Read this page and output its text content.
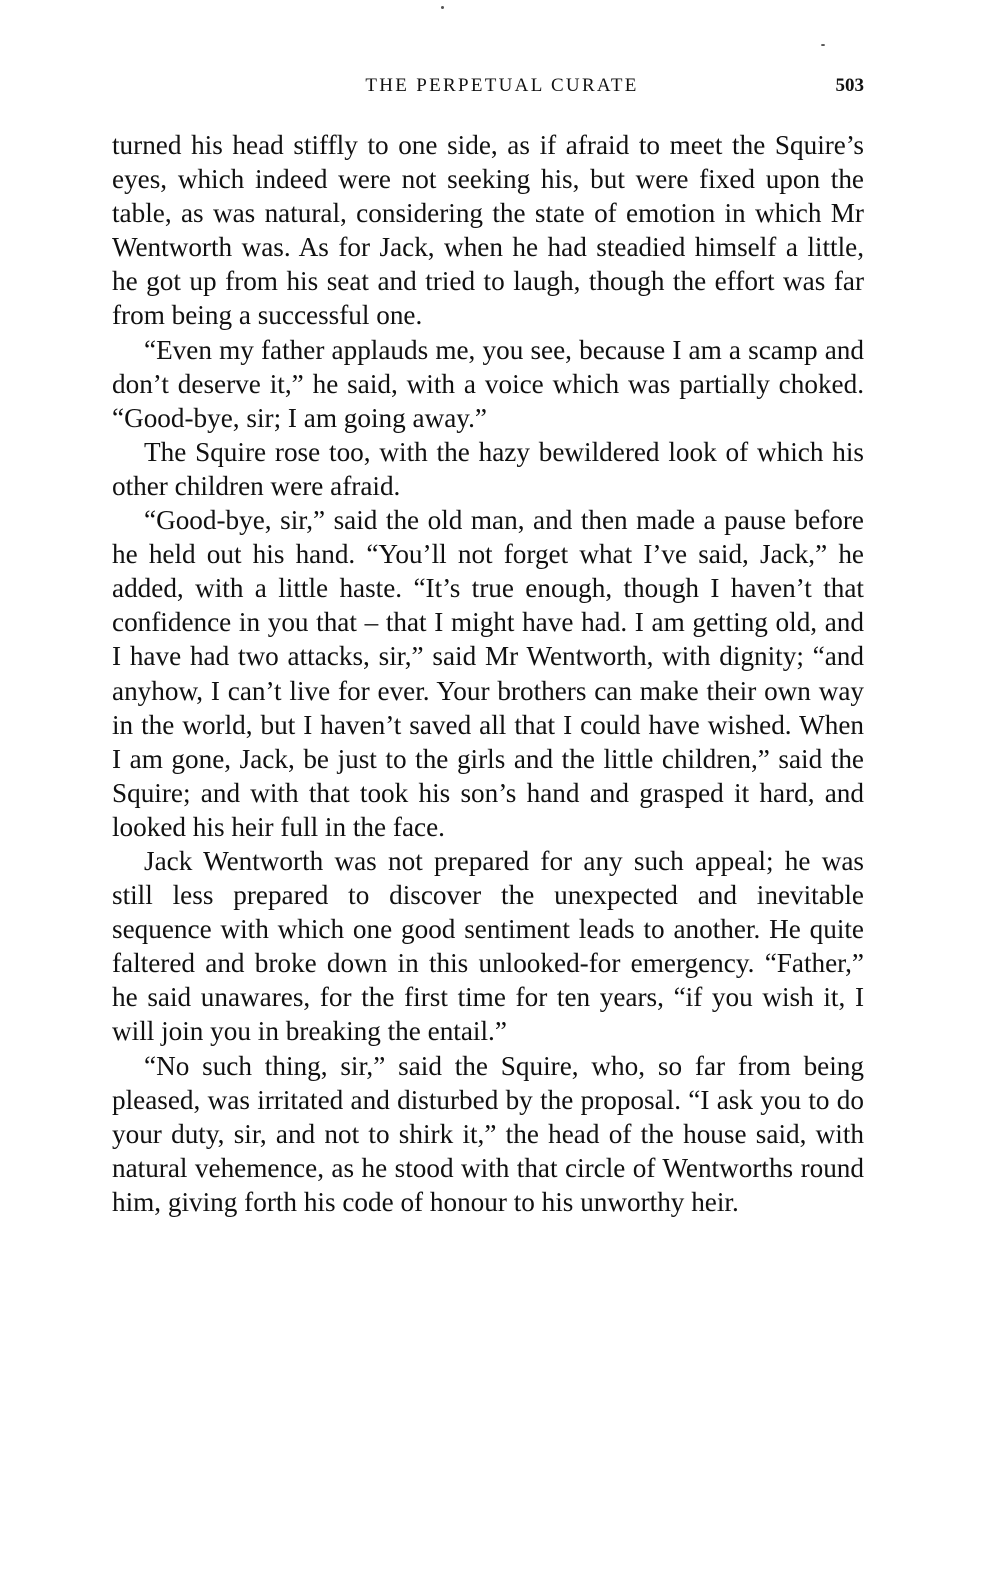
THE PERPETUAL CURATE	503

turned his head stiffly to one side, as if afraid to meet the Squire’s eyes, which indeed were not seeking his, but were fixed upon the table, as was natural, considering the state of emotion in which Mr Wentworth was. As for Jack, when he had steadied himself a little, he got up from his seat and tried to laugh, though the effort was far from being a successful one.

“Even my father applauds me, you see, because I am a scamp and don’t deserve it,” he said, with a voice which was partially choked. “Good-bye, sir; I am going away.”

The Squire rose too, with the hazy bewildered look of which his other children were afraid.

“Good-bye, sir,” said the old man, and then made a pause before he held out his hand. “You’ll not forget what I’ve said, Jack,” he added, with a little haste. “It’s true enough, though I haven’t that confidence in you that – that I might have had. I am getting old, and I have had two attacks, sir,” said Mr Wentworth, with dignity; “and anyhow, I can’t live for ever. Your brothers can make their own way in the world, but I haven’t saved all that I could have wished. When I am gone, Jack, be just to the girls and the little children,” said the Squire; and with that took his son’s hand and grasped it hard, and looked his heir full in the face.

Jack Wentworth was not prepared for any such appeal; he was still less prepared to discover the unexpected and inevitable sequence with which one good sentiment leads to another. He quite faltered and broke down in this unlooked-for emergency. “Father,” he said unawares, for the first time for ten years, “if you wish it, I will join you in breaking the entail.”

“No such thing, sir,” said the Squire, who, so far from being pleased, was irritated and disturbed by the proposal. “I ask you to do your duty, sir, and not to shirk it,” the head of the house said, with natural vehemence, as he stood with that circle of Wentworths round him, giving forth his code of honour to his unworthy heir.
